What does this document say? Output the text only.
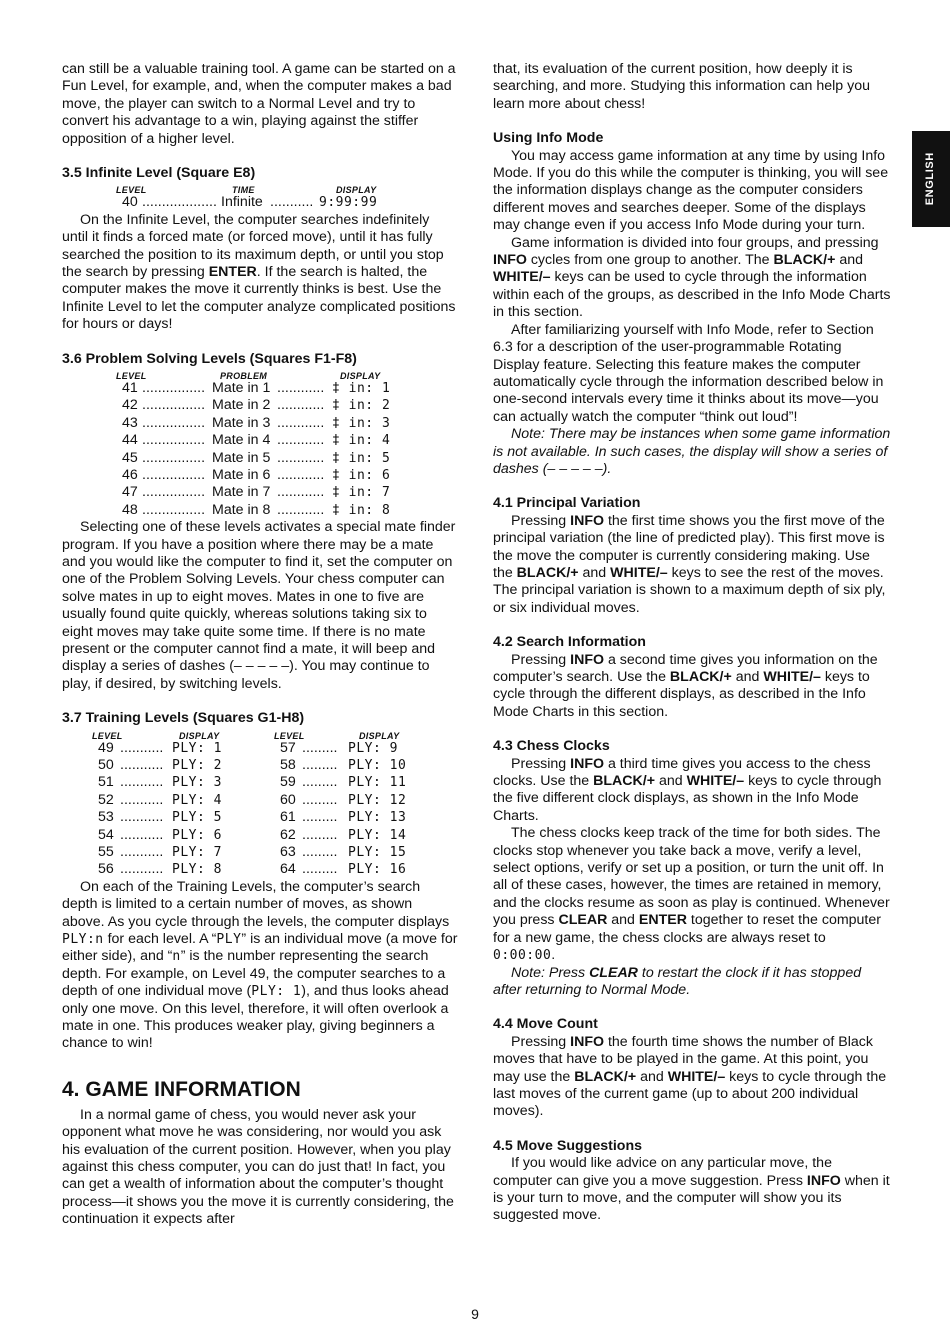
can still be a valuable training tool. A game can be started on a Fun Level, for example, and, when the computer makes a bad move, the player can switch to a Normal Level and try to convert his advantage to a win, playing against the stiffer opposition of a higher level.

3.5 Infinite Level (Square E8)
LEVEL	TIME	DISPLAY
40 ................... Infinite ........... 9:99:99

On the Infinite Level, the computer searches indefinitely until it finds a forced mate (or forced move), until it has fully searched the position to its maximum depth, or until you stop the search by pressing ENTER. If the search is halted, the computer makes the move it currently thinks is best. Use the Infinite Level to let the computer analyze complicated positions for hours or days!

3.6 Problem Solving Levels (Squares F1-F8)
LEVEL	PROBLEM	DISPLAY
41 ................ Mate in 1 ............ ‡ in: 1
42 ................ Mate in 2 ............ ‡ in: 2
43 ................ Mate in 3 ............ ‡ in: 3
44 ................ Mate in 4 ............ ‡ in: 4
45 ................ Mate in 5 ............ ‡ in: 5
46 ................ Mate in 6 ............ ‡ in: 6
47 ................ Mate in 7 ............ ‡ in: 7
48 ................ Mate in 8 ............ ‡ in: 8

Selecting one of these levels activates a special mate finder program. If you have a position where there may be a mate and you would like the computer to find it, set the computer on one of the Problem Solving Levels. Your chess computer can solve mates in up to eight moves. Mates in one to five are usually found quite quickly, whereas solutions taking six to eight moves may take quite some time. If there is no mate present or the computer cannot find a mate, it will beep and display a series of dashes (– – – – –). You may continue to play, if desired, by switching levels.

3.7 Training Levels (Squares G1-H8)
LEVEL	DISPLAY	LEVEL	DISPLAY
49 ........... PLY: 1	57 ......... PLY: 9
50 ........... PLY: 2	58 ......... PLY: 10
51 ........... PLY: 3	59 ......... PLY: 11
52 ........... PLY: 4	60 ......... PLY: 12
53 ........... PLY: 5	61 ......... PLY: 13
54 ........... PLY: 6	62 ......... PLY: 14
55 ........... PLY: 7	63 ......... PLY: 15
56 ........... PLY: 8	64 ......... PLY: 16

On each of the Training Levels, the computer’s search depth is limited to a certain number of moves, as shown above. As you cycle through the levels, the computer displays PLY:n for each level. A “PLY” is an individual move (a move for either side), and “n” is the number representing the search depth. For example, on Level 49, the computer searches to a depth of one individual move (PLY: 1), and thus looks ahead only one move. On this level, therefore, it will often overlook a mate in one. This produces weaker play, giving beginners a chance to win!

4. GAME INFORMATION

In a normal game of chess, you would never ask your opponent what move he was considering, nor would you ask his evaluation of the current position. However, when you play against this chess computer, you can do just that! In fact, you can get a wealth of information about the computer’s thought process—it shows you the move it is currently considering, the continuation it expects after

that, its evaluation of the current position, how deeply it is searching, and more. Studying this information can help you learn more about chess!

Using Info Mode

You may access game information at any time by using Info Mode. If you do this while the computer is thinking, you will see the information displays change as the computer considers different moves and searches deeper. Some of the displays may change even if you access Info Mode during your turn.

Game information is divided into four groups, and pressing INFO cycles from one group to another. The BLACK/+ and WHITE/– keys can be used to cycle through the information within each of the groups, as described in the Info Mode Charts in this section.

After familiarizing yourself with Info Mode, refer to Section 6.3 for a description of the user-programmable Rotating Display feature. Selecting this feature makes the computer automatically cycle through the information described below in one-second intervals every time it thinks about its move—you can actually watch the computer “think out loud”!

Note: There may be instances when some game information is not available. In such cases, the display will show a series of dashes (– – – – –).

4.1 Principal Variation

Pressing INFO the first time shows you the first move of the principal variation (the line of predicted play). This first move is the move the computer is currently considering making. Use the BLACK/+ and WHITE/– keys to see the rest of the moves. The principal variation is shown to a maximum depth of six ply, or six individual moves.

4.2 Search Information

Pressing INFO a second time gives you information on the computer’s search. Use the BLACK/+ and WHITE/– keys to cycle through the different displays, as described in the Info Mode Charts in this section.

4.3 Chess Clocks

Pressing INFO a third time gives you access to the chess clocks. Use the BLACK/+ and WHITE/– keys to cycle through the five different clock displays, as shown in the Info Mode Charts.

The chess clocks keep track of the time for both sides. The clocks stop whenever you take back a move, verify a level, select options, verify or set up a position, or turn the unit off. In all of these cases, however, the times are retained in memory, and the clocks resume as soon as play is continued. Whenever you press CLEAR and ENTER together to reset the computer for a new game, the chess clocks are always reset to 0:00:00.

Note: Press CLEAR to restart the clock if it has stopped after returning to Normal Mode.

4.4 Move Count

Pressing INFO the fourth time shows the number of Black moves that have to be played in the game. At this point, you may use the BLACK/+ and WHITE/– keys to cycle through the last moves of the current game (up to about 200 individual moves).

4.5 Move Suggestions

If you would like advice on any particular move, the computer can give you a move suggestion. Press INFO when it is your turn to move, and the computer will show you its suggested move.

ENGLISH
9
